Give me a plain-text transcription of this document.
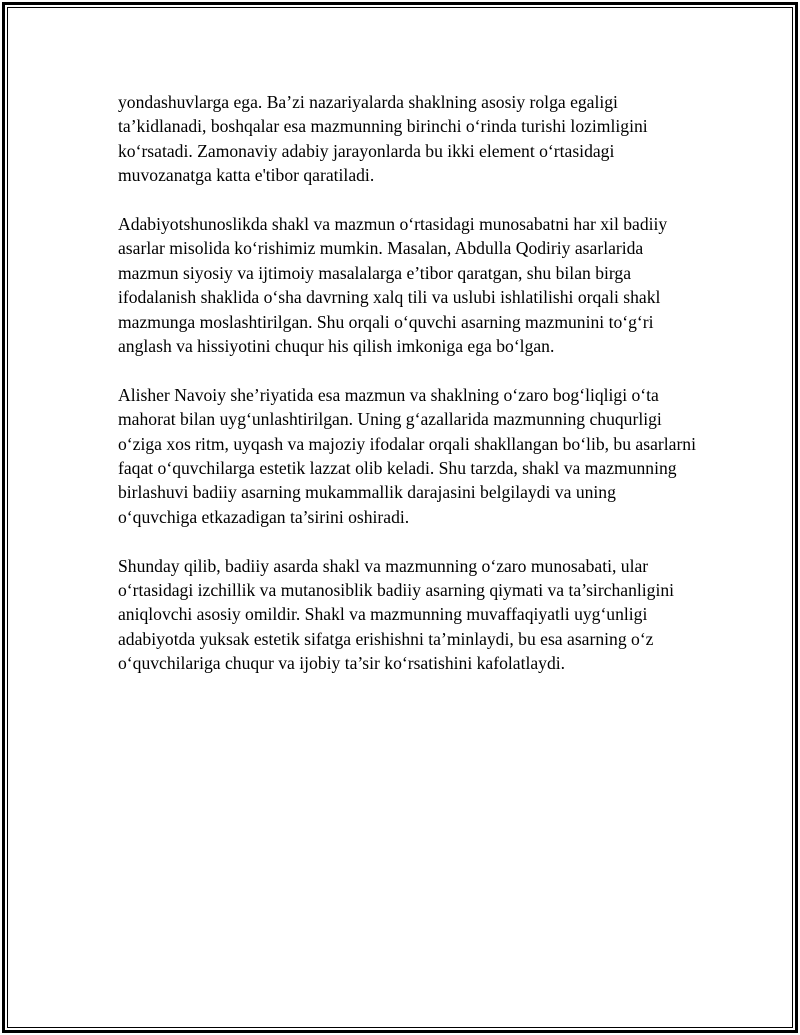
yondashuvlarga ega. Ba’zi nazariyalarda shaklning asosiy rolga egaligi ta’kidlanadi, boshqalar esa mazmunning birinchi o‘rinda turishi lozimligini ko‘rsatadi. Zamonaviy adabiy jarayonlarda bu ikki element o‘rtasidagi muvozanatga katta e'tibor qaratiladi.

Adabiyotshunoslikda shakl va mazmun o‘rtasidagi munosabatni har xil badiiy asarlar misolida ko‘rishimiz mumkin. Masalan, Abdulla Qodiriy asarlarida mazmun siyosiy va ijtimoiy masalalarga e’tibor qaratgan, shu bilan birga ifodalanish shaklida o‘sha davrning xalq tili va uslubi ishlatilishi orqali shakl mazmunga moslashtirilgan. Shu orqali o‘quvchi asarning mazmunini to‘g‘ri anglash va hissiyotini chuqur his qilish imkoniga ega bo‘lgan.

Alisher Navoiy she’riyatida esa mazmun va shaklning o‘zaro bog‘liqligi o‘ta mahorat bilan uyg‘unlashtirilgan. Uning g‘azallarida mazmunning chuqurligi o‘ziga xos ritm, uyqash va majoziy ifodalar orqali shakllangan bo‘lib, bu asarlarni faqat o‘quvchilarga estetik lazzat olib keladi. Shu tarzda, shakl va mazmunning birlashuvi badiiy asarning mukammallik darajasini belgilaydi va uning o‘quvchiga etkazadigan ta’sirini oshiradi.

Shunday qilib, badiiy asarda shakl va mazmunning o‘zaro munosabati, ular o‘rtasidagi izchillik va mutanosiblik badiiy asarning qiymati va ta’sirchanligini aniqlovchi asosiy omildir. Shakl va mazmunning muvaffaqiyatli uyg‘unligi adabiyotda yuksak estetik sifatga erishishni ta’minlaydi, bu esa asarning o‘z o‘quvchilariga chuqur va ijobiy ta’sir ko‘rsatishini kafolatlaydi.
